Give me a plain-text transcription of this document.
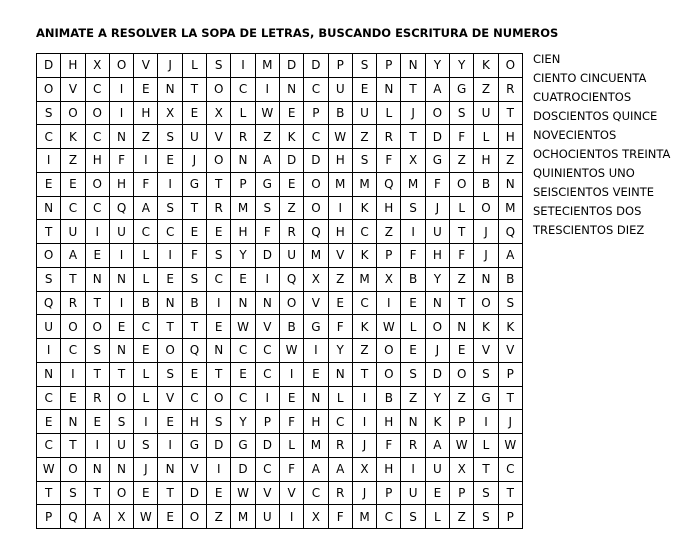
ANIMATE A RESOLVER LA SOPA DE LETRAS, BUSCANDO ESCRITURA DE NUMEROS
D	H	X	O	V	J	L	S	I	M	D	D	P	S	P	N	Y	Y	K	O
O	V	C	I	E	N	T	O	C	I	N	C	U	E	N	T	A	G	Z	R
S	O	O	I	H	X	E	X	L	W	E	P	B	U	L	J	O	S	U	T
C	K	C	N	Z	S	U	V	R	Z	K	C	W	Z	R	T	D	F	L	H
I	Z	H	F	I	E	J	O	N	A	D	D	H	S	F	X	G	Z	H	Z
E	E	O	H	F	I	G	T	P	G	E	O	M	M	Q	M	F	O	B	N
N	C	C	Q	A	S	T	R	M	S	Z	O	I	K	H	S	J	L	O	M
T	U	I	U	C	C	E	E	H	F	R	Q	H	C	Z	I	U	T	J	Q
O	A	E	I	L	I	F	S	Y	D	U	M	V	K	P	F	H	F	J	A
S	T	N	N	L	E	S	C	E	I	Q	X	Z	M	X	B	Y	Z	N	B
Q	R	T	I	B	N	B	I	N	N	O	V	E	C	I	E	N	T	O	S
U	O	O	E	C	T	T	E	W	V	B	G	F	K	W	L	O	N	K	K
I	C	S	N	E	O	Q	N	C	C	W	I	Y	Z	O	E	J	E	V	V
N	I	T	T	L	S	E	T	E	C	I	E	N	T	O	S	D	O	S	P
C	E	R	O	L	V	C	O	C	I	E	N	L	I	B	Z	Y	Z	G	T
E	N	E	S	I	E	H	S	Y	P	F	H	C	I	H	N	K	P	I	J
C	T	I	U	S	I	G	D	G	D	L	M	R	J	F	R	A	W	L	W
W	O	N	N	J	N	V	I	D	C	F	A	A	X	H	I	U	X	T	C
T	S	T	O	E	T	D	E	W	V	V	C	R	J	P	U	E	P	S	T
P	Q	A	X	W	E	O	Z	M	U	I	X	F	M	C	S	L	Z	S	P
CIEN
CIENTO CINCUENTA
CUATROCIENTOS
DOSCIENTOS QUINCE
NOVECIENTOS
OCHOCIENTOS TREINTA
QUINIENTOS UNO
SEISCIENTOS VEINTE
SETECIENTOS DOS
TRESCIENTOS DIEZ
